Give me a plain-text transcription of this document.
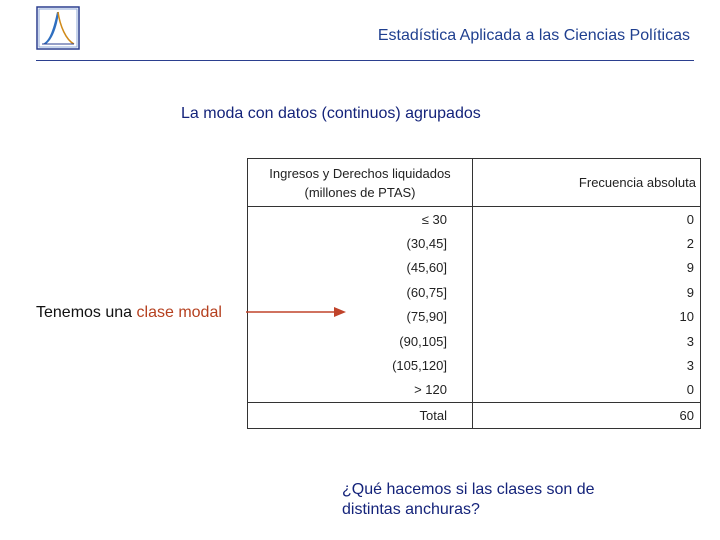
Estadística Aplicada a las Ciencias Políticas
La moda con datos (continuos) agrupados
Ingresos y Derechos liquidados (millones de PTAS)	Frecuencia absoluta
≤ 30	0
(30,45]	2
(45,60]	9
(60,75]	9
(75,90]	10
(90,105]	3
(105,120]	3
> 120	0
Total	60
Tenemos una clase modal
¿Qué hacemos si las clases son de distintas anchuras?
